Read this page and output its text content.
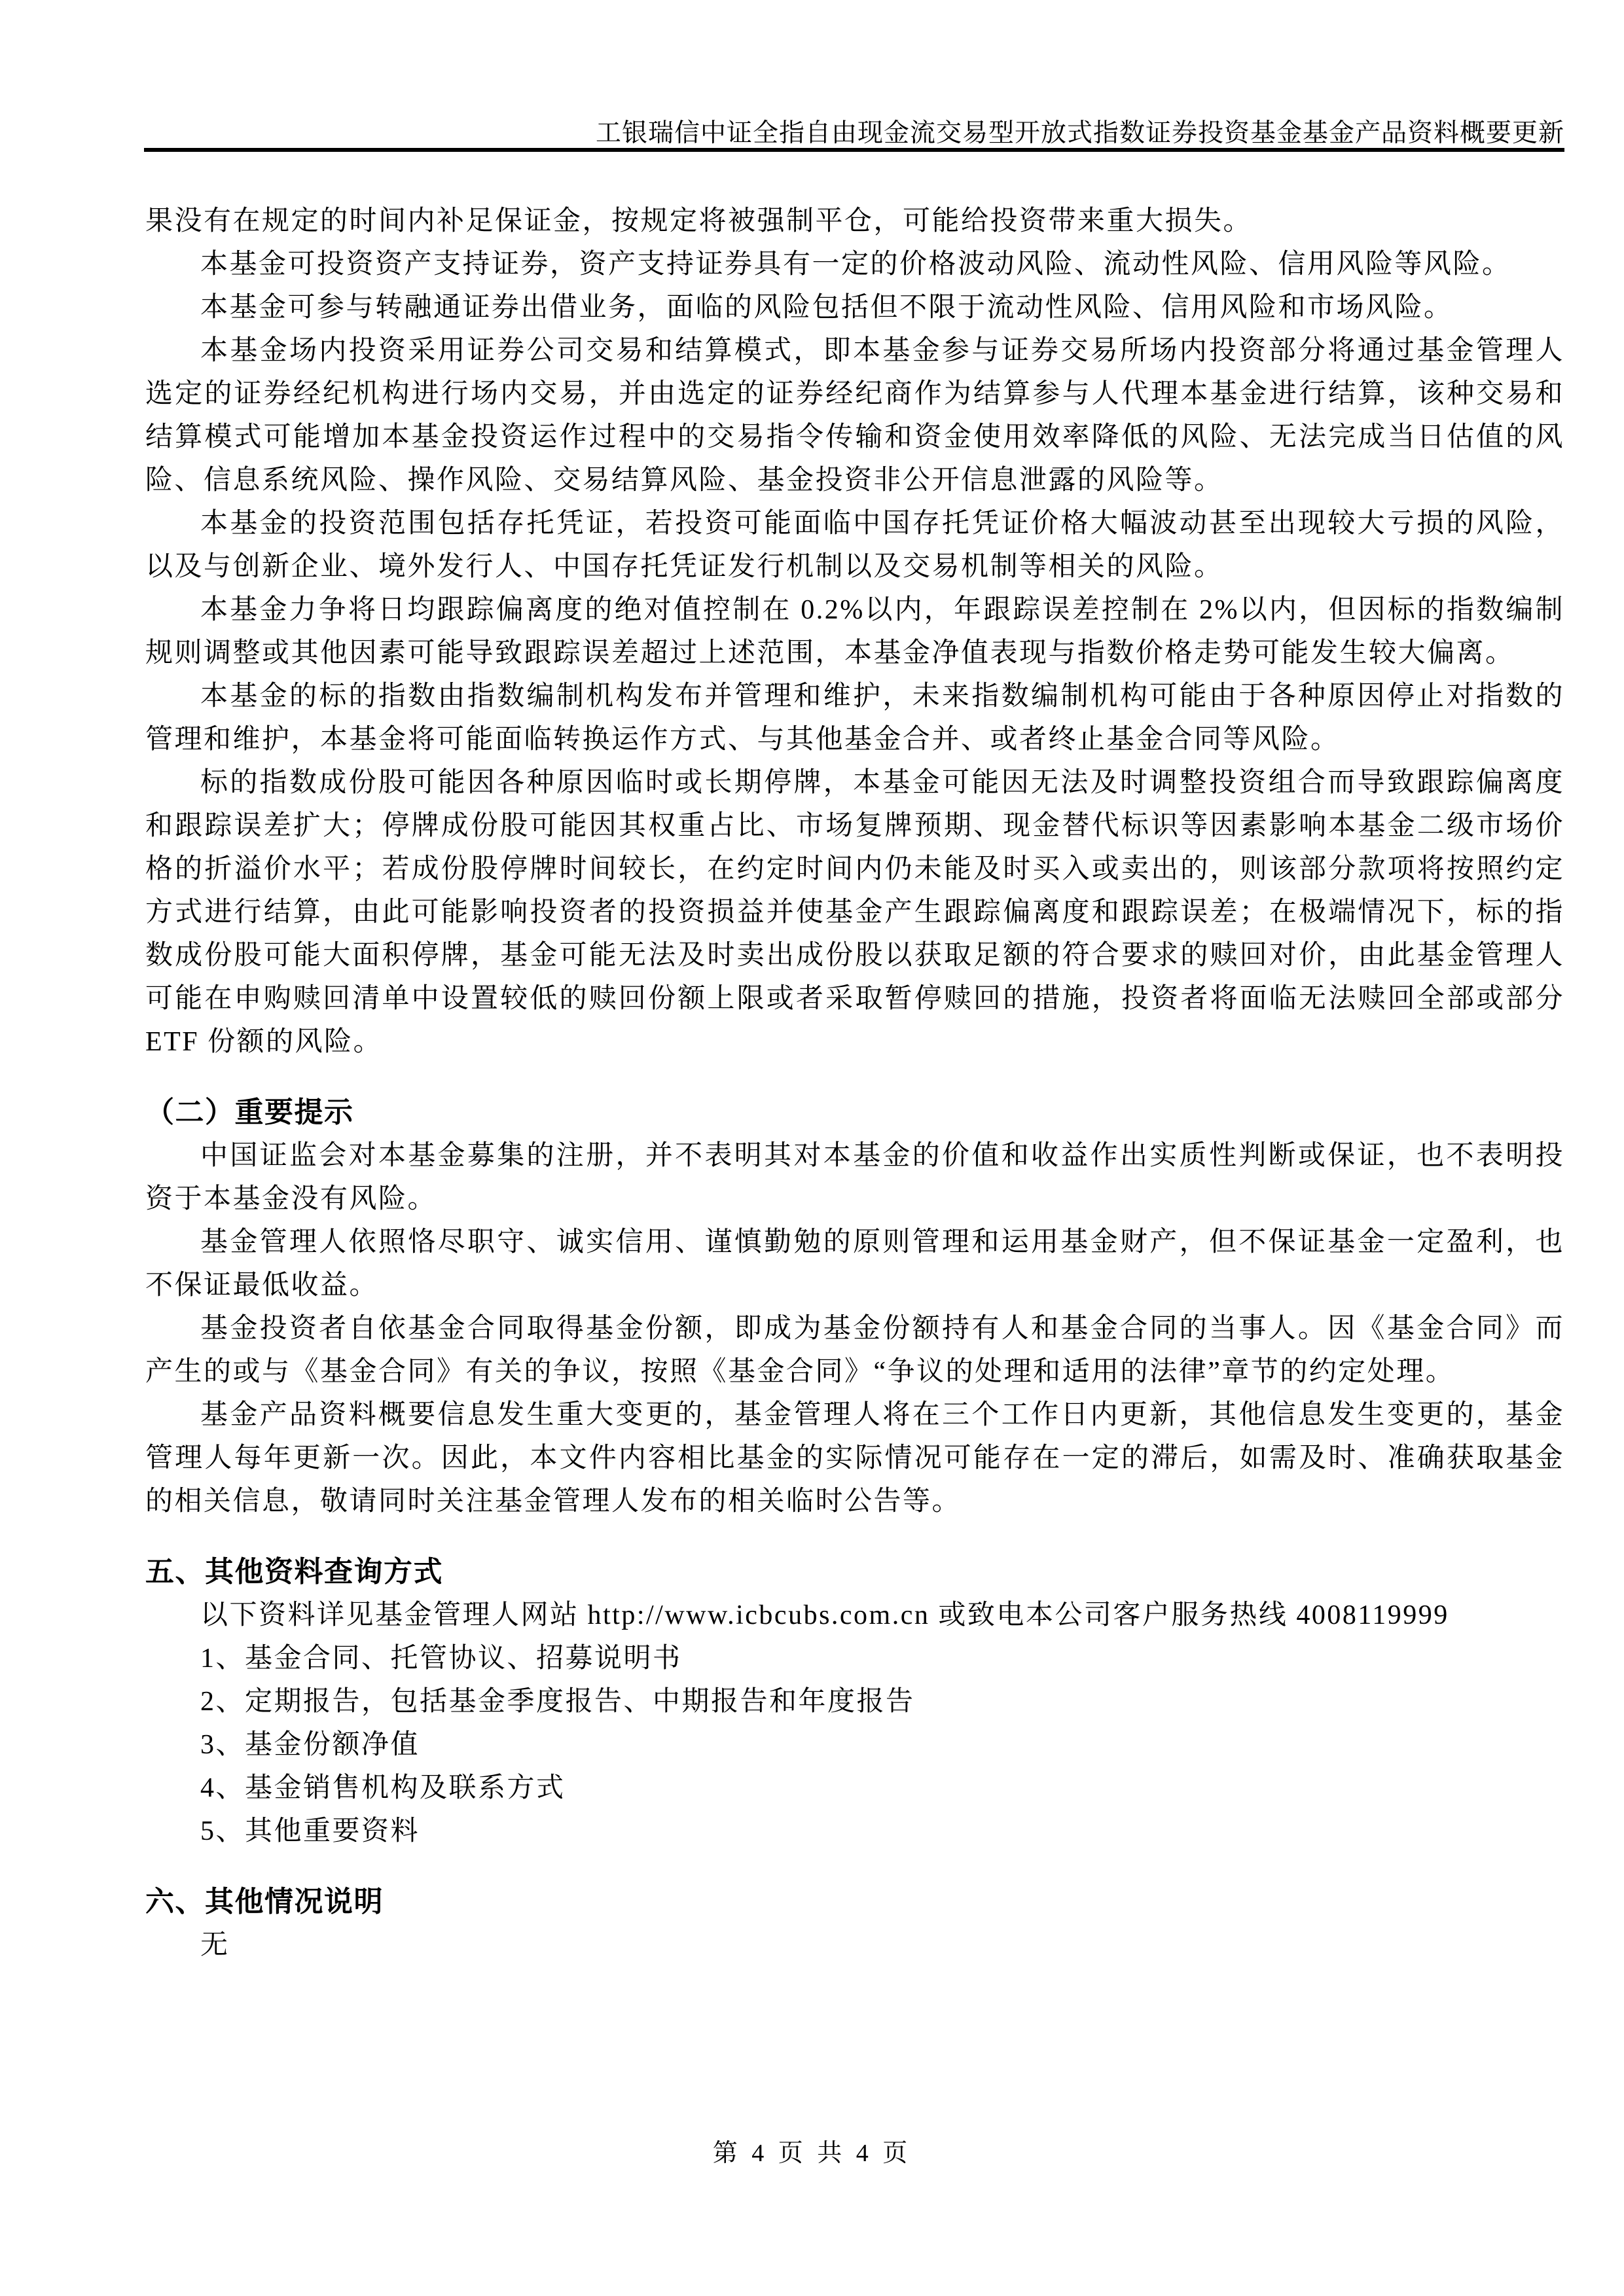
工银瑞信中证全指自由现金流交易型开放式指数证券投资基金基金产品资料概要更新

果没有在规定的时间内补足保证金，按规定将被强制平仓，可能给投资带来重大损失。

本基金可投资资产支持证券，资产支持证券具有一定的价格波动风险、流动性风险、信用风险等风险。

本基金可参与转融通证券出借业务，面临的风险包括但不限于流动性风险、信用风险和市场风险。

本基金场内投资采用证券公司交易和结算模式，即本基金参与证券交易所场内投资部分将通过基金管理人选定的证券经纪机构进行场内交易，并由选定的证券经纪商作为结算参与人代理本基金进行结算，该种交易和结算模式可能增加本基金投资运作过程中的交易指令传输和资金使用效率降低的风险、无法完成当日估值的风险、信息系统风险、操作风险、交易结算风险、基金投资非公开信息泄露的风险等。

本基金的投资范围包括存托凭证，若投资可能面临中国存托凭证价格大幅波动甚至出现较大亏损的风险，以及与创新企业、境外发行人、中国存托凭证发行机制以及交易机制等相关的风险。

本基金力争将日均跟踪偏离度的绝对值控制在 0.2%以内，年跟踪误差控制在 2%以内，但因标的指数编制规则调整或其他因素可能导致跟踪误差超过上述范围，本基金净值表现与指数价格走势可能发生较大偏离。

本基金的标的指数由指数编制机构发布并管理和维护，未来指数编制机构可能由于各种原因停止对指数的管理和维护，本基金将可能面临转换运作方式、与其他基金合并、或者终止基金合同等风险。

标的指数成份股可能因各种原因临时或长期停牌，本基金可能因无法及时调整投资组合而导致跟踪偏离度和跟踪误差扩大；停牌成份股可能因其权重占比、市场复牌预期、现金替代标识等因素影响本基金二级市场价格的折溢价水平；若成份股停牌时间较长，在约定时间内仍未能及时买入或卖出的，则该部分款项将按照约定方式进行结算，由此可能影响投资者的投资损益并使基金产生跟踪偏离度和跟踪误差；在极端情况下，标的指数成份股可能大面积停牌，基金可能无法及时卖出成份股以获取足额的符合要求的赎回对价，由此基金管理人可能在申购赎回清单中设置较低的赎回份额上限或者采取暂停赎回的措施，投资者将面临无法赎回全部或部分 ETF 份额的风险。

（二）重要提示

中国证监会对本基金募集的注册，并不表明其对本基金的价值和收益作出实质性判断或保证，也不表明投资于本基金没有风险。

基金管理人依照恪尽职守、诚实信用、谨慎勤勉的原则管理和运用基金财产，但不保证基金一定盈利，也不保证最低收益。

基金投资者自依基金合同取得基金份额，即成为基金份额持有人和基金合同的当事人。因《基金合同》而产生的或与《基金合同》有关的争议，按照《基金合同》“争议的处理和适用的法律”章节的约定处理。

基金产品资料概要信息发生重大变更的，基金管理人将在三个工作日内更新，其他信息发生变更的，基金管理人每年更新一次。因此，本文件内容相比基金的实际情况可能存在一定的滞后，如需及时、准确获取基金的相关信息，敬请同时关注基金管理人发布的相关临时公告等。

五、其他资料查询方式

以下资料详见基金管理人网站 http://www.icbcubs.com.cn 或致电本公司客户服务热线 4008119999

1、基金合同、托管协议、招募说明书

2、定期报告，包括基金季度报告、中期报告和年度报告

3、基金份额净值

4、基金销售机构及联系方式

5、其他重要资料

六、其他情况说明

无

第 4 页 共 4 页
